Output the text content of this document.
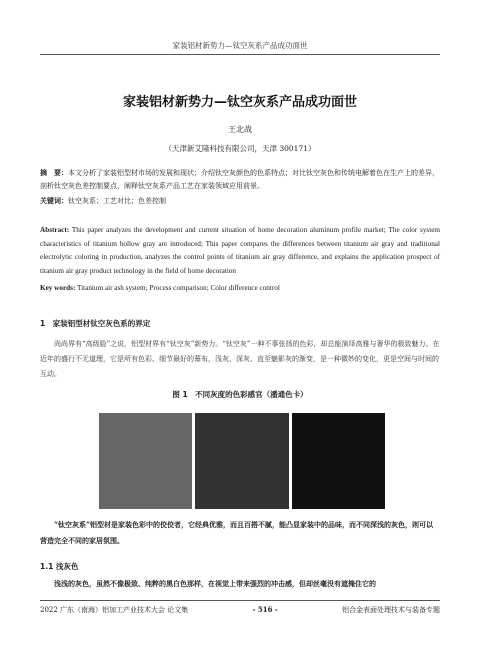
家装铝材新势力—钛空灰系产品成功面世
家装铝材新势力—钛空灰系产品成功面世
王北战
（天津新艾隆科技有限公司，天津 300171）
摘　要：本文分析了家装铝型材市场的发展和现状；介绍钛空灰颜色的色系特点；对比钛空灰色和传统电解着色在生产上的差异，剖析钛空灰色差控制要点，阐释钛空灰系产品工艺在家装领域应用前景。
关键词：钛空灰系；工艺对比；色差控制
Abstract: This paper analyzes the development and current situation of home decoration aluminum profile market; The color system characteristics of titanium hollow gray are introduced; This paper compares the differences between titanium air gray and traditional electrolytic coloring in production, analyzes the control points of titanium air gray difference, and explains the application prospect of titanium air gray product technology in the field of home decoration
Key words: Titanium air ash system; Process comparison; Color difference control
1　家装铝型材钛空灰色系的界定
尚尚界有“高级脸”之说，铝型材界有“钛空灰”新势力。“钛空灰”一种不事张扬的色彩，却总能演绎高雅与奢华的极致魅力。在近年的盛行不无道理，它是所有色彩、细节最好的幕布，浅灰、深灰、直至魅影灰的渐变，是一种微妙的变化，更是空间与时间的互动。
图 1　不同灰度的色彩感官（潘通色卡）
“钛空灰系”铝型材是家装色彩中的佼佼者，它经典优雅，而且百搭不腻，能凸显家装中的品味，而不同深浅的灰色，则可以营造完全不同的家居氛围。
1.1 浅灰色
浅浅的灰色，虽然不像极致、纯粹的黑白色那样，在视觉上带来强烈的冲击感，但却丝毫没有遮掩住它的
2022 广东（南海）铝加工产业技术大会 论文集	- 516 -	铝合金表面处理技术与装备专题
